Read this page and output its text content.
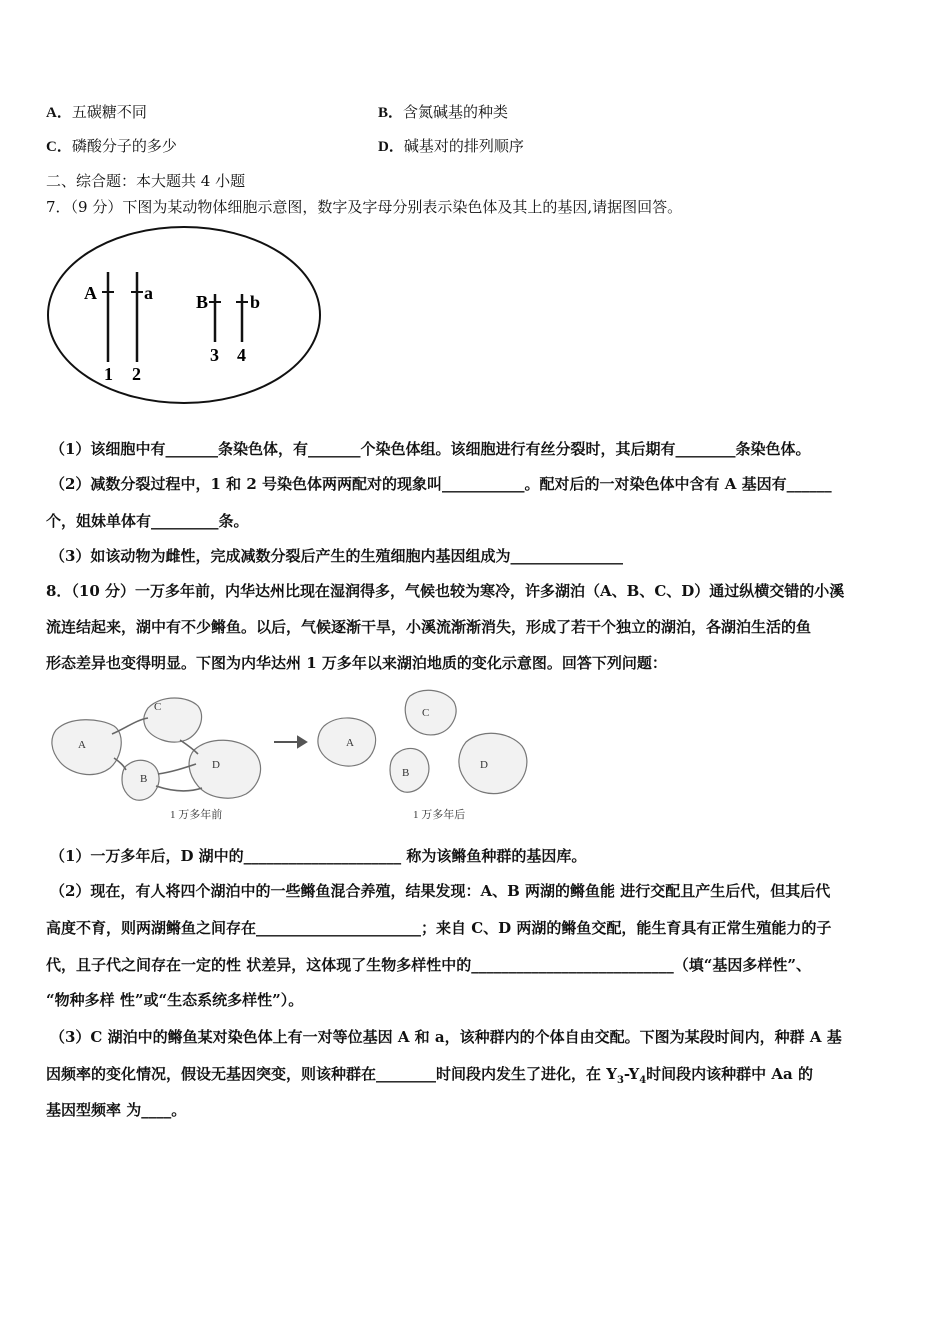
A．五碳糖不同	B．含氮碱基的种类
C．磷酸分子的多少	D．碱基对的排列顺序
二、综合题：本大题共 4 小题
7．（9 分）下图为某动物体细胞示意图，数字及字母分别表示染色体及其上的基因,请据图回答。
A	a B b
1 2
3 4
（1）该细胞中有_______条染色体，有_______个染色体组。该细胞进行有丝分裂时，其后期有________条染色体。
（2）减数分裂过程中，1 和 2 号染色体两两配对的现象叫___________。配对后的一对染色体中含有 A 基因有______
个，姐妹单体有_________条。
（3）如该动物为雌性，完成减数分裂后产生的生殖细胞内基因组成为_______________
8．（10 分）一万多年前，内华达州比现在湿润得多，气候也较为寒冷，许多湖泊（A、B、C、D）通过纵横交错的小溪
流连结起来，湖中有不少鳉鱼。以后，气候逐渐干旱，小溪流渐渐消失，形成了若干个独立的湖泊，各湖泊生活的鱼
形态差异也变得明显。下图为内华达州 1 万多年以来湖泊地质的变化示意图。回答下列问题：
A
C
B
D
A
C
B
D
1 万多年前	1 万多年后
（1）一万多年后，D 湖中的_____________________ 称为该鳉鱼种群的基因库。
（2）现在，有人将四个湖泊中的一些鳉鱼混合养殖，结果发现：A、B 两湖的鳉鱼能 进行交配且产生后代，但其后代
高度不育，则两湖鳉鱼之间存在______________________；来自 C、D 两湖的鳉鱼交配，能生育具有正常生殖能力的子
代，且子代之间存在一定的性 状差异，这体现了生物多样性中的___________________________（填“基因多样性”、
“物种多样 性”或“生态系统多样性”）。
（3）C 湖泊中的鳉鱼某对染色体上有一对等位基因 A 和 a，该种群内的个体自由交配。下图为某段时间内，种群 A 基
因频率的变化情况，假设无基因突变，则该种群在________时间段内发生了进化，在 $Y_3-Y_4$时间段内该种群中 Aa 的
基因型频率 为____。
